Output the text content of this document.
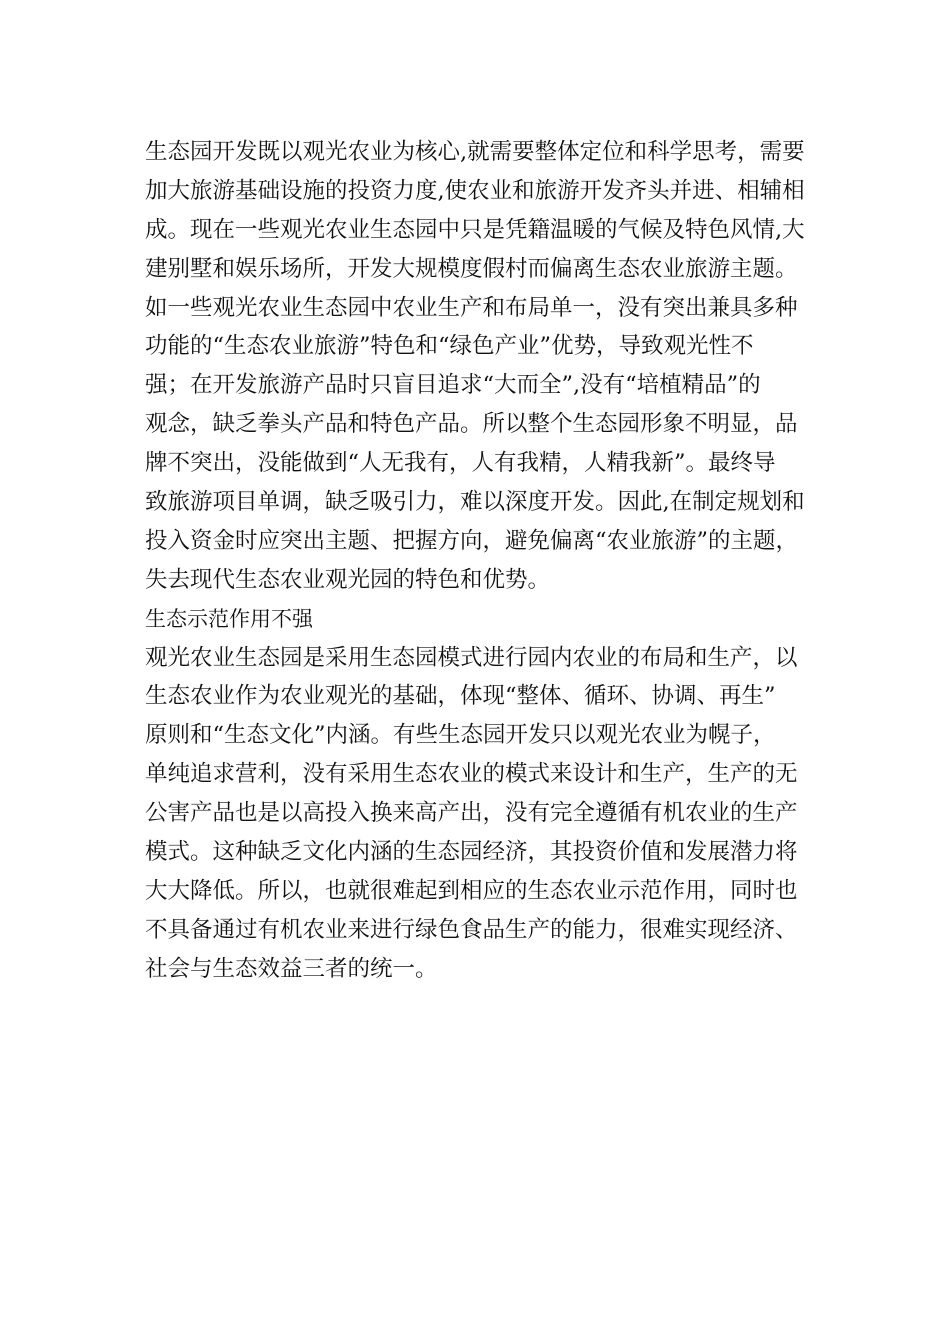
生态园开发既以观光农业为核心,就需要整体定位和科学思考，需要
加大旅游基础设施的投资力度,使农业和旅游开发齐头并进、相辅相
成。现在一些观光农业生态园中只是凭籍温暖的气候及特色风情,大
建别墅和娱乐场所，开发大规模度假村而偏离生态农业旅游主题。
如一些观光农业生态园中农业生产和布局单一，没有突出兼具多种
功能的“生态农业旅游”特色和“绿色产业”优势，导致观光性不
强；在开发旅游产品时只盲目追求“大而全”,没有“培植精品”的
观念，缺乏拳头产品和特色产品。所以整个生态园形象不明显，品
牌不突出，没能做到“人无我有，人有我精，人精我新”。最终导
致旅游项目单调，缺乏吸引力，难以深度开发。因此,在制定规划和
投入资金时应突出主题、把握方向，避免偏离“农业旅游”的主题，
失去现代生态农业观光园的特色和优势。
生态示范作用不强
观光农业生态园是采用生态园模式进行园内农业的布局和生产，以
生态农业作为农业观光的基础，体现“整体、循环、协调、再生”
原则和“生态文化”内涵。有些生态园开发只以观光农业为幌子，
单纯追求营利，没有采用生态农业的模式来设计和生产，生产的无
公害产品也是以高投入换来高产出，没有完全遵循有机农业的生产
模式。这种缺乏文化内涵的生态园经济，其投资价值和发展潜力将
大大降低。所以，也就很难起到相应的生态农业示范作用，同时也
不具备通过有机农业来进行绿色食品生产的能力，很难实现经济、
社会与生态效益三者的统一。
